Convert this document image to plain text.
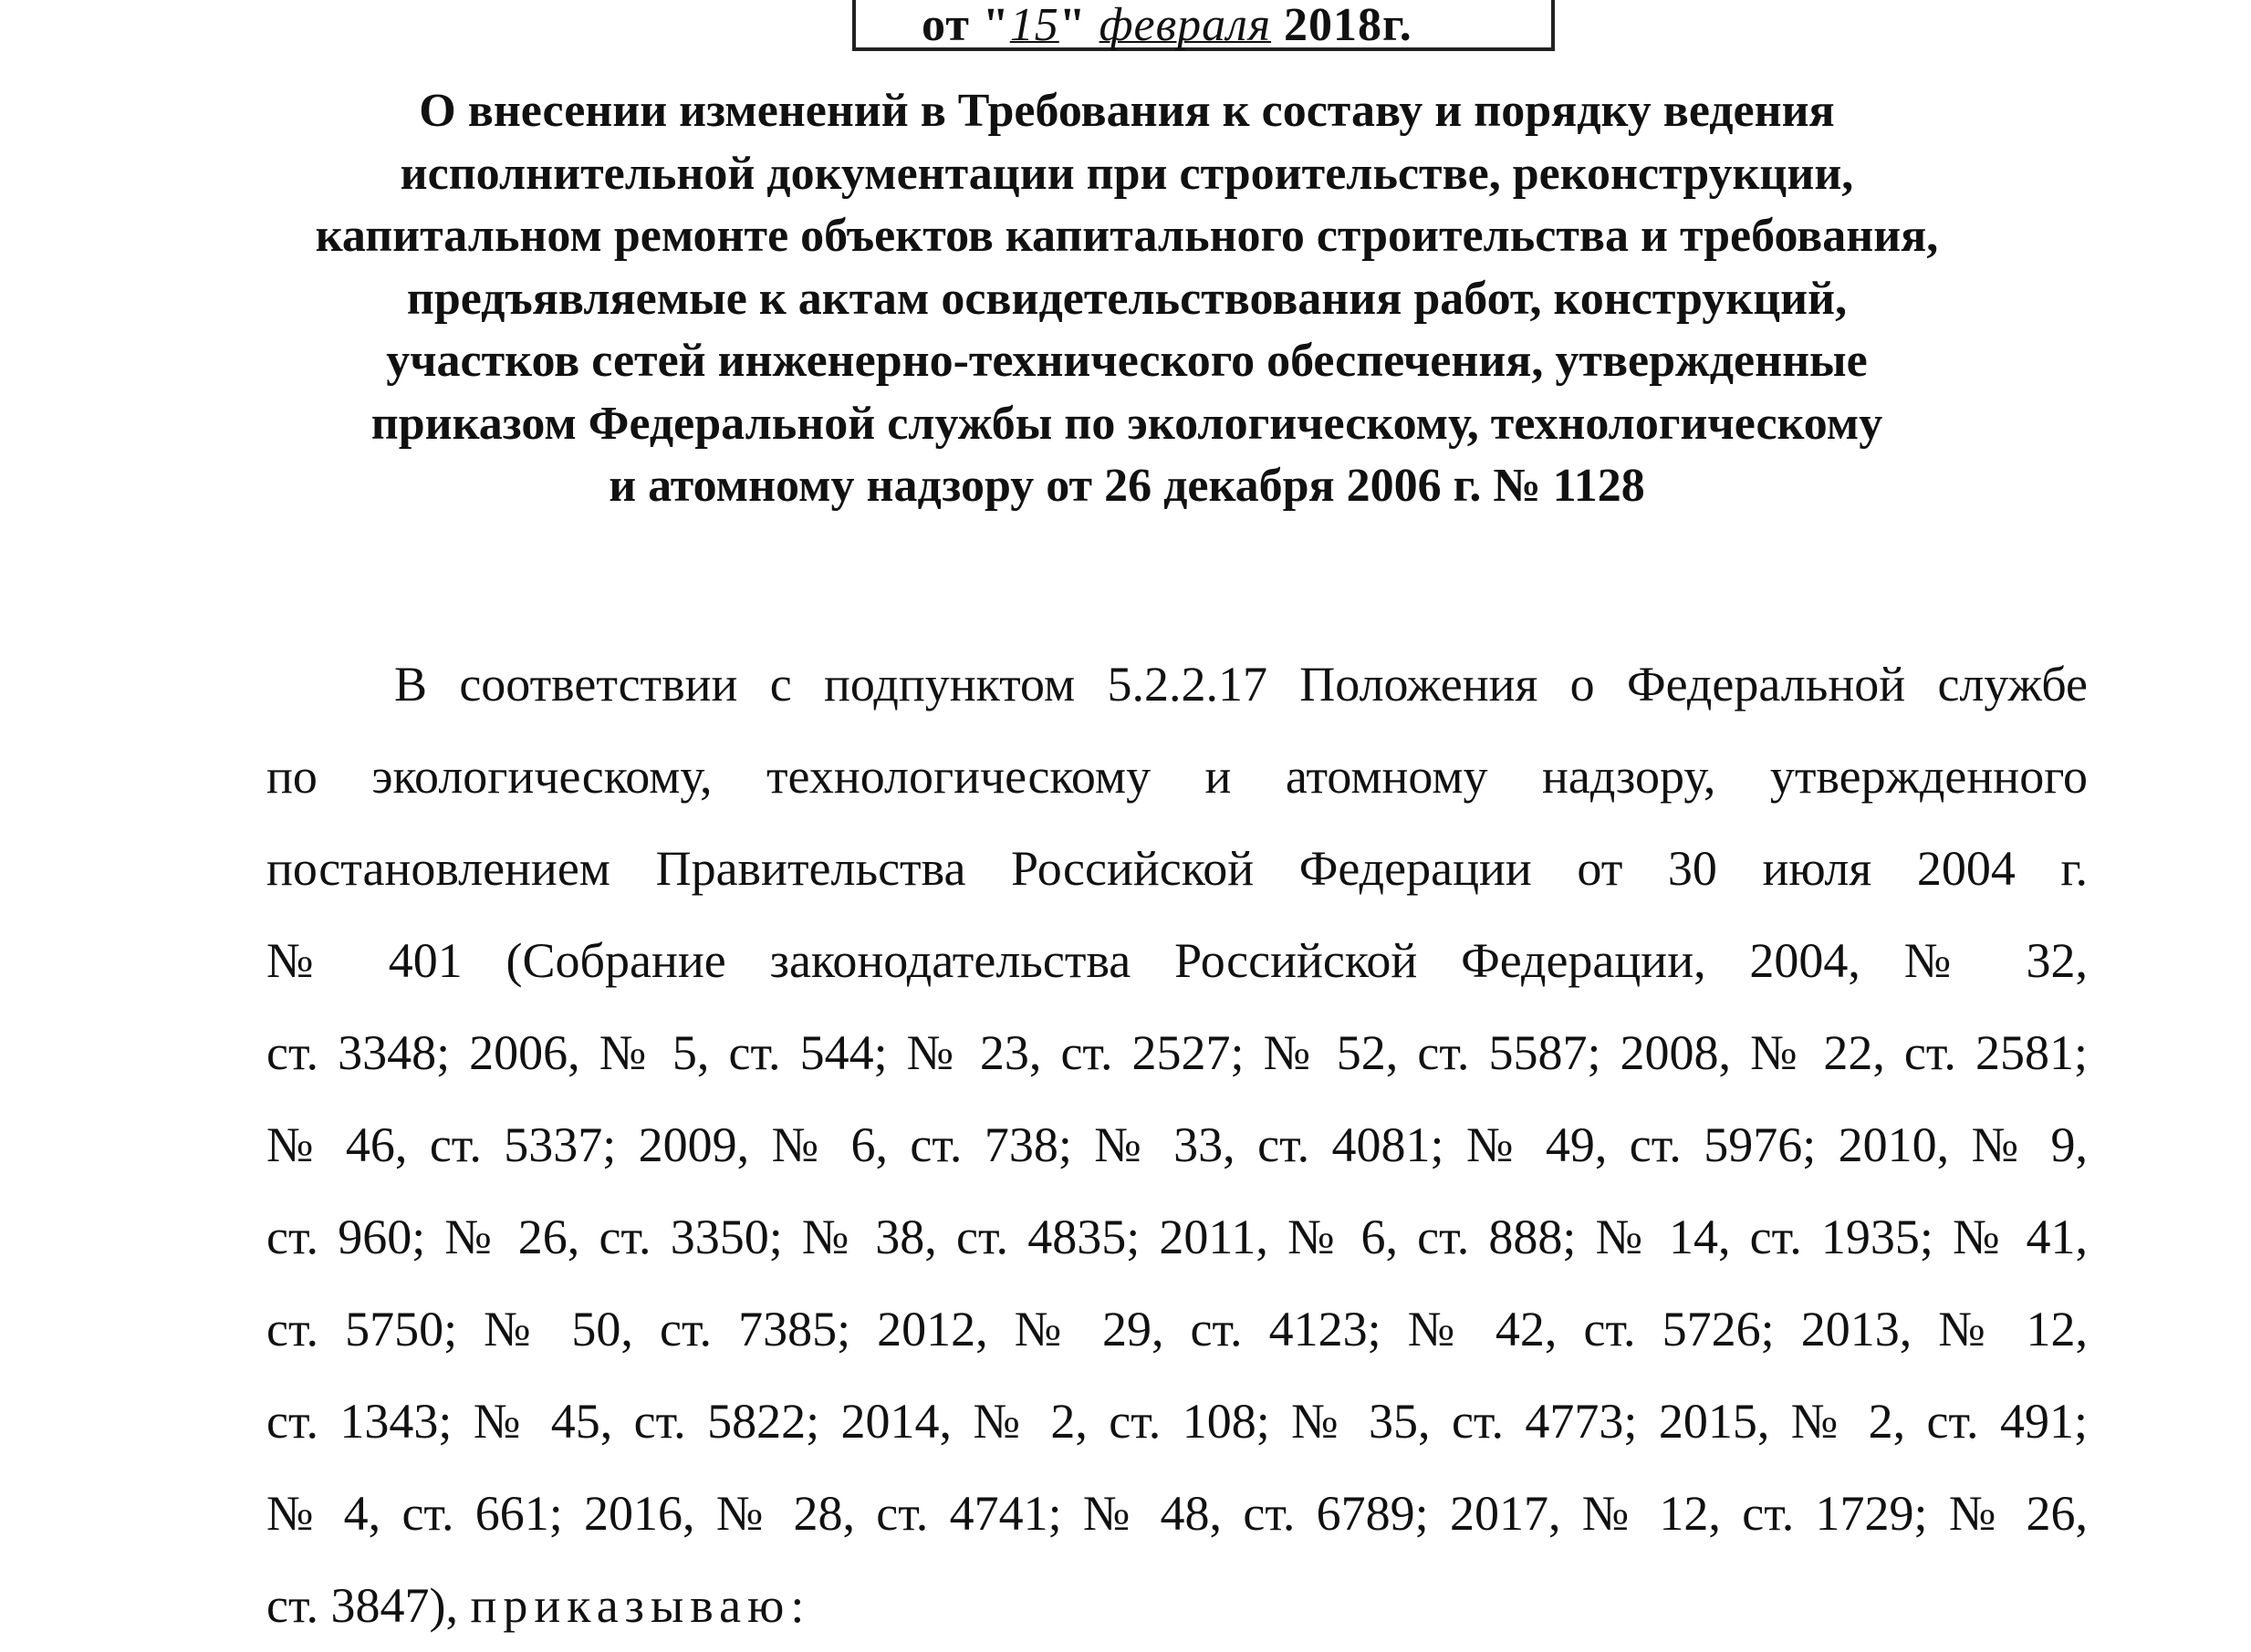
от "15" февраля 2018г.
О внесении изменений в Требования к составу и порядку ведения
исполнительной документации при строительстве, реконструкции,
капитальном ремонте объектов капитального строительства и требования,
предъявляемые к актам освидетельствования работ, конструкций,
участков сетей инженерно-технического обеспечения, утвержденные
приказом Федеральной службы по экологическому, технологическому
и атомному надзору от 26 декабря 2006 г. № 1128
В соответствии с подпунктом 5.2.2.17 Положения о Федеральной службе
по экологическому, технологическому и атомному надзору, утвержденного
постановлением Правительства Российской Федерации от 30 июля 2004 г.
№ 401 (Собрание законодательства Российской Федерации, 2004, № 32,
ст. 3348; 2006, № 5, ст. 544; № 23, ст. 2527; № 52, ст. 5587; 2008, № 22, ст. 2581;
№ 46, ст. 5337; 2009, № 6, ст. 738; № 33, ст. 4081; № 49, ст. 5976; 2010, № 9,
ст. 960; № 26, ст. 3350; № 38, ст. 4835; 2011, № 6, ст. 888; № 14, ст. 1935; № 41,
ст. 5750; № 50, ст. 7385; 2012, № 29, ст. 4123; № 42, ст. 5726; 2013, № 12,
ст. 1343; № 45, ст. 5822; 2014, № 2, ст. 108; № 35, ст. 4773; 2015, № 2, ст. 491;
№ 4, ст. 661; 2016, № 28, ст. 4741; № 48, ст. 6789; 2017, № 12, ст. 1729; № 26,
ст. 3847), приказываю:
